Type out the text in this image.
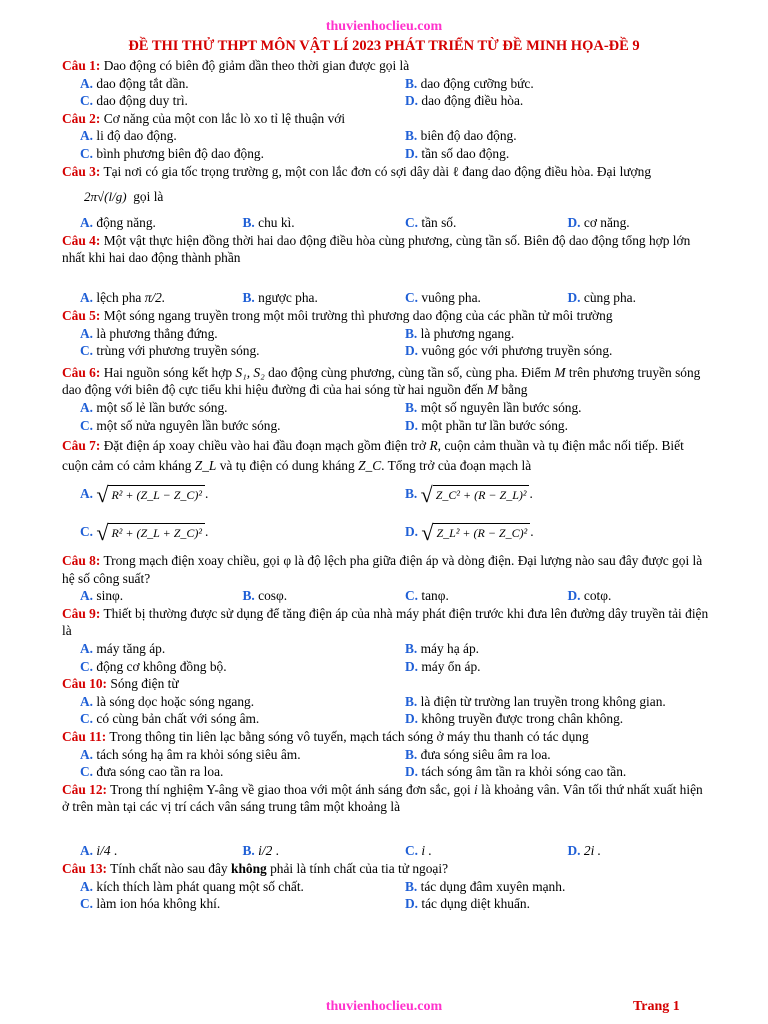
thuvienhoclieu.com
ĐỀ THI THỬ THPT MÔN VẬT LÍ 2023 PHÁT TRIỂN TỪ ĐỀ MINH HỌA-ĐỀ 9

Câu 1: Dao động có biên độ giảm dần theo thời gian được gọi là

A. dao động tắt dần.	B. dao động cưỡng bức.
C. dao động duy trì.	D. dao động điều hòa.

Câu 2: Cơ năng của một con lắc lò xo tỉ lệ thuận với

A. li độ dao động.	B. biên độ dao động.
C. bình phương biên độ dao động.	D. tần số dao động.

Câu 3: Tại nơi có gia tốc trọng trường g, một con lắc đơn có sợi dây dài ℓ đang dao động điều hòa. Đại lượng

2π√(l/g)
gọi là
A. động năng.	B. chu kì.	C. tần số.	D. cơ năng.

Câu 4: Một vật thực hiện đồng thời hai dao động điều hòa cùng phương, cùng tần số. Biên độ dao động tổng hợp lớn nhất khi hai dao động thành phần

A. lệch pha π/2.	B. ngược pha.	C. vuông pha.	D. cùng pha.

Câu 5: Một sóng ngang truyền trong một môi trường thì phương dao động của các phần tử môi trường

A. là phương thẳng đứng.	B. là phương ngang.
C. trùng với phương truyền sóng.	D. vuông góc với phương truyền sóng.

Câu 6: Hai nguồn sóng kết hợp S₁, S₂ dao động cùng phương, cùng tần số, cùng pha. Điểm M trên phương truyền sóng dao động với biên độ cực tiểu khi hiệu đường đi của hai sóng từ hai nguồn đến M bằng

A. một số lẻ lần bước sóng.	B. một số nguyên lần bước sóng.
C. một số nửa nguyên lần bước sóng.	D. một phần tư lần bước sóng.

Câu 7: Đặt điện áp xoay chiều vào hai đầu đoạn mạch gồm điện trở R, cuộn cảm thuần và tụ điện mắc nối tiếp. Biết cuộn cảm có cảm kháng Z_L và tụ điện có dung kháng Z_C. Tổng trở của đoạn mạch là

A. √ R² + (Z_L − Z_C)² .	B. √ Z_C² + (R − Z_L)² .
C. √ R² + (Z_L + Z_C)² .	D. √ Z_L² + (R − Z_C)² .

Câu 8: Trong mạch điện xoay chiều, gọi φ là độ lệch pha giữa điện áp và dòng điện. Đại lượng nào sau đây được gọi là hệ số công suất?

A. sinφ.	B. cosφ.	C. tanφ.	D. cotφ.

Câu 9: Thiết bị thường được sử dụng để tăng điện áp của nhà máy phát điện trước khi đưa lên đường dây truyền tải điện là

A. máy tăng áp.	B. máy hạ áp.
C. động cơ không đồng bộ.	D. máy ổn áp.

Câu 10: Sóng điện từ

A. là sóng dọc hoặc sóng ngang.	B. là điện từ trường lan truyền trong không gian.
C. có cùng bản chất với sóng âm.	D. không truyền được trong chân không.

Câu 11: Trong thông tin liên lạc bằng sóng vô tuyến, mạch tách sóng ở máy thu thanh có tác dụng

A. tách sóng hạ âm ra khỏi sóng siêu âm.	B. đưa sóng siêu âm ra loa.
C. đưa sóng cao tần ra loa.	D. tách sóng âm tần ra khỏi sóng cao tần.

Câu 12: Trong thí nghiệm Y-âng về giao thoa với một ánh sáng đơn sắc, gọi i là khoảng vân. Vân tối thứ nhất xuất hiện ở trên màn tại các vị trí cách vân sáng trung tâm một khoảng là

A. i/4 .	B. i/2 .	C. i .	D. 2i .

Câu 13: Tính chất nào sau đây không phải là tính chất của tia tử ngoại?

A. kích thích làm phát quang một số chất.	B. tác dụng đâm xuyên mạnh.
C. làm ion hóa không khí.	D. tác dụng diệt khuẩn.
thuvienhoclieu.com	Trang 1
